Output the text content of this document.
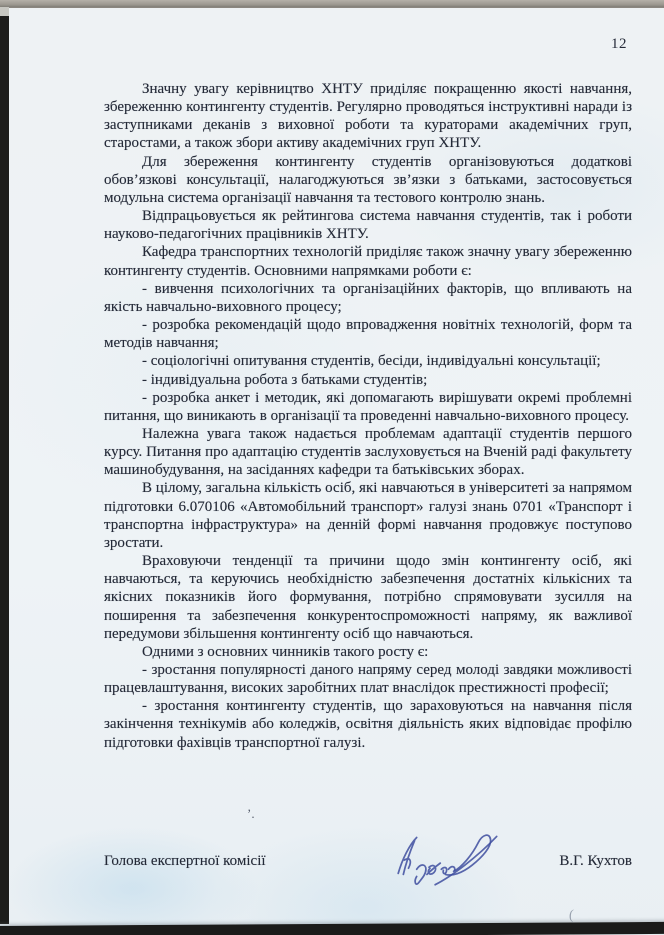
12

Значну увагу керівництво ХНТУ приділяє покращенню якості навчання, збереженню контингенту студентів. Регулярно проводяться інструктивні наради із заступниками деканів з виховної роботи та кураторами академічних груп, старостами, а також збори активу академічних груп ХНТУ.

Для збереження контингенту студентів організовуються додаткові обов’язкові консультації, налагоджуються зв’язки з батьками, застосовується модульна система організації навчання та тестового контролю знань.

Відпрацьовується як рейтингова система навчання студентів, так і роботи науково-педагогічних працівників ХНТУ.

Кафедра транспортних технологій приділяє також значну увагу збереженню контингенту студентів. Основними напрямками роботи є:

- вивчення психологічних та організаційних факторів, що впливають на якість навчально-виховного процесу;

- розробка рекомендацій щодо впровадження новітніх технологій, форм та методів навчання;

- соціологічні опитування студентів, бесіди, індивідуальні консультації;

- індивідуальна робота з батьками студентів;

- розробка анкет і методик, які допомагають вирішувати окремі проблемні питання, що виникають в організації та проведенні навчально-виховного процесу.

Належна увага також надається проблемам адаптації студентів першого курсу. Питання про адаптацію студентів заслуховується на Вченій раді факультету машинобудування, на засіданнях кафедри та батьківських зборах.

В цілому, загальна кількість осіб, які навчаються в університеті за напрямом підготовки 6.070106 «Автомобільний транспорт» галузі знань 0701 «Транспорт і транспортна інфраструктура» на денній формі навчання продовжує поступово зростати.

Враховуючи тенденції та причини щодо змін контингенту осіб, які навчаються, та керуючись необхідністю забезпечення достатніх кількісних та якісних показників його формування, потрібно спрямовувати зусилля на поширення та забезпечення конкурентоспроможності напряму, як важливої передумови збільшення контингенту осіб що навчаються.

Одними з основних чинників такого росту є:

- зростання популярності даного напряму серед молоді завдяки можливості працевлаштування, високих заробітних плат внаслідок престижності професії;

- зростання контингенту студентів, що зараховуються на навчання після закінчення технікумів або коледжів, освітня діяльність яких відповідає профілю підготовки фахівців транспортної галузі.

’.
Голова експертної комісії	В.Г. Кухтов
(
